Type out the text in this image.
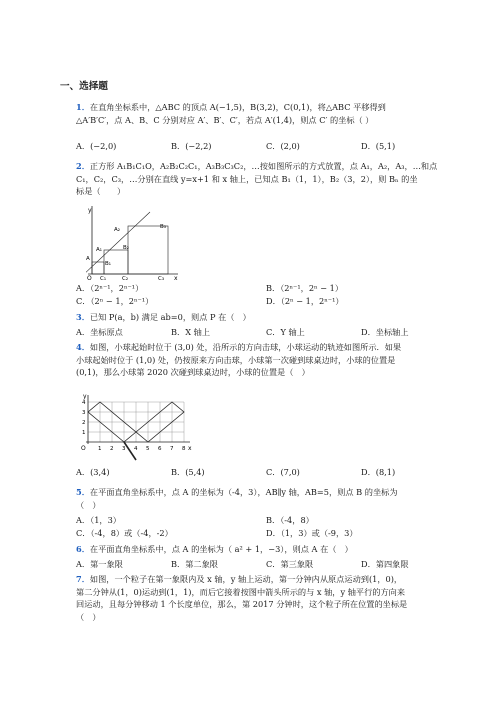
一、选择题

1．在直角坐标系中，△ABC 的顶点 A(−1,5)，B(3,2)，C(0,1)，将△ABC 平移得到

△A′B′C′，点 A、B、C 分别对应 A′、B′、C′，若点 A′(1,4)，则点 C′ 的坐标（ ）

A．(−2,0)	B．(−2,2)	C．(2,0)	D．(5,1)

2．正方形 A₁B₁C₁O，A₂B₂C₂C₁，A₃B₃C₃C₂，…按如图所示的方式放置，点 A₁，A₂，A₃，…和点

C₁，C₂，C₃，…分别在直线 y=x+1 和 x 轴上，已知点 B₁（1，1），B₂（3，2），则 Bₙ 的坐

标是（　　）

y
x
O
A
A₁
A₂
B₁
B₂
B₃
C₁	C₂	C₃
A．（2ⁿ⁻¹，2ⁿ⁻¹）	B．（2ⁿ⁻¹，2ⁿ − 1）
C．（2ⁿ − 1，2ⁿ⁻¹）	D．（2ⁿ − 1，2ⁿ⁻¹）

3．已知 P(a，b) 满足 ab=0，则点 P 在（　）

A．坐标原点	B．X 轴上	C．Y 轴上	D．坐标轴上

4．如图，小球起始时位于 (3,0) 处，沿所示的方向击球，小球运动的轨迹如图所示．如果

小球起始时位于 (1,0) 处，仍按原来方向击球，小球第一次碰到球桌边时，小球的位置是

(0,1)，那么小球第 2020 次碰到球桌边时，小球的位置是（　）

y
x
O 1 2 3 4 5 6 7 8
1
2
3
4
A．(3,4)	B．(5,4)	C．(7,0)	D．(8,1)

5．在平面直角坐标系中，点 A 的坐标为（-4，3），AB∥y 轴，AB=5，则点 B 的坐标为

（　）

A．（1，3）	B．（-4，8）
C．（-4，8）或（-4，-2）	D．（1，3）或（-9，3）

6．在平面直角坐标系中，点 A 的坐标为（ a² + 1，−3），则点 A 在（　）

A．第一象限	B．第二象限	C．第三象限	D．第四象限

7．如图，一个粒子在第一象限内及 x 轴，y 轴上运动，第一分钟内从原点运动到(1，0)，

第二分钟从(1，0)运动到(1，1)，而后它接着按图中箭头所示的与 x 轴，y 轴平行的方向来

回运动，且每分钟移动 1 个长度单位，那么，第 2017 分钟时，这个粒子所在位置的坐标是

（　）
